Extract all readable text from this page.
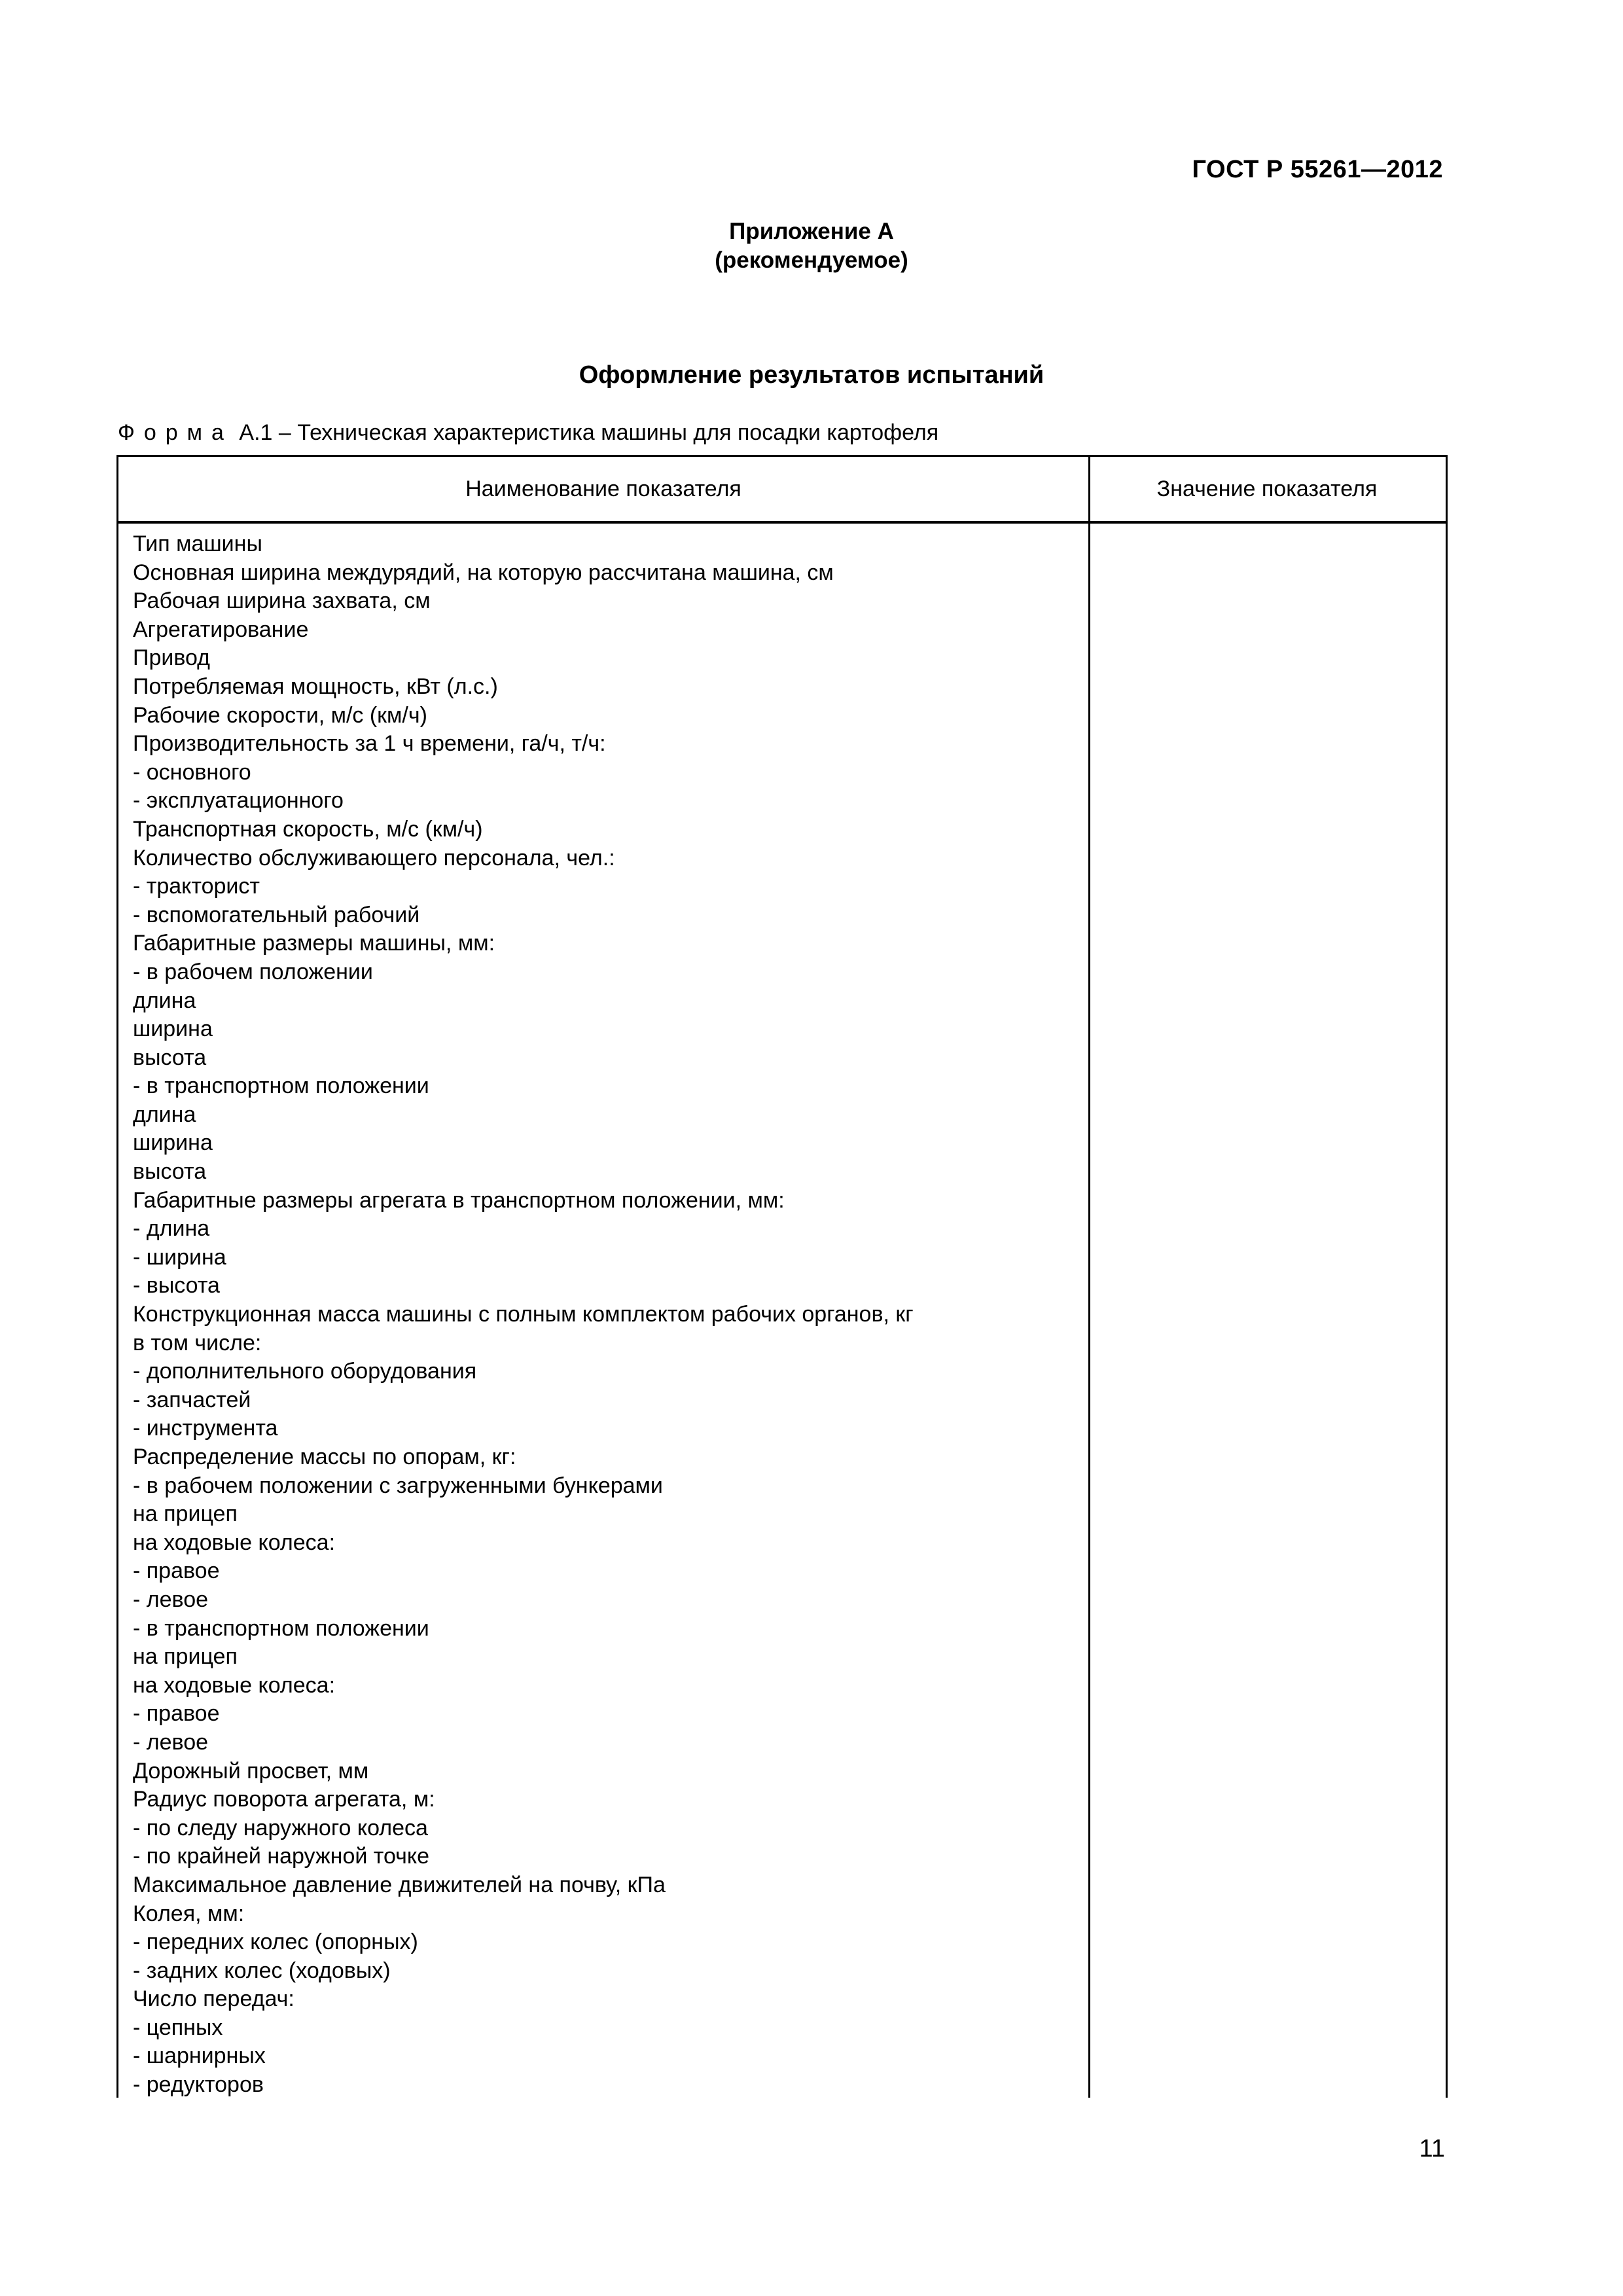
ГОСТ Р 55261—2012
Приложение А
(рекомендуемое)
Оформление результатов испытаний
Форма А.1 – Техническая характеристика машины для посадки картофеля
Наименование показателя	Значение показателя
Тип машины
Основная ширина междурядий, на которую рассчитана машина, см
Рабочая ширина захвата, см
Агрегатирование
Привод
Потребляемая мощность, кВт (л.с.)
Рабочие скорости, м/с (км/ч)
Производительность за 1 ч времени, га/ч, т/ч:
- основного
- эксплуатационного
Транспортная скорость, м/с (км/ч)
Количество обслуживающего персонала, чел.:
- тракторист
- вспомогательный рабочий
Габаритные размеры машины, мм:
- в рабочем положении
длина
ширина
высота
- в транспортном положении
длина
ширина
высота
Габаритные размеры агрегата в транспортном положении, мм:
- длина
- ширина
- высота
Конструкционная масса машины с полным комплектом рабочих органов, кг
в том числе:
- дополнительного оборудования
- запчастей
- инструмента
Распределение массы по опорам, кг:
- в рабочем положении с загруженными бункерами
на прицеп
на ходовые колеса:
- правое
- левое
- в транспортном положении
на прицеп
на ходовые колеса:
- правое
- левое
Дорожный просвет, мм
Радиус поворота агрегата, м:
- по следу наружного колеса
- по крайней наружной точке
Максимальное давление движителей на почву, кПа
Колея, мм:
- передних колес (опорных)
- задних колес (ходовых)
Число передач:
- цепных
- шарнирных
- редукторов
11
